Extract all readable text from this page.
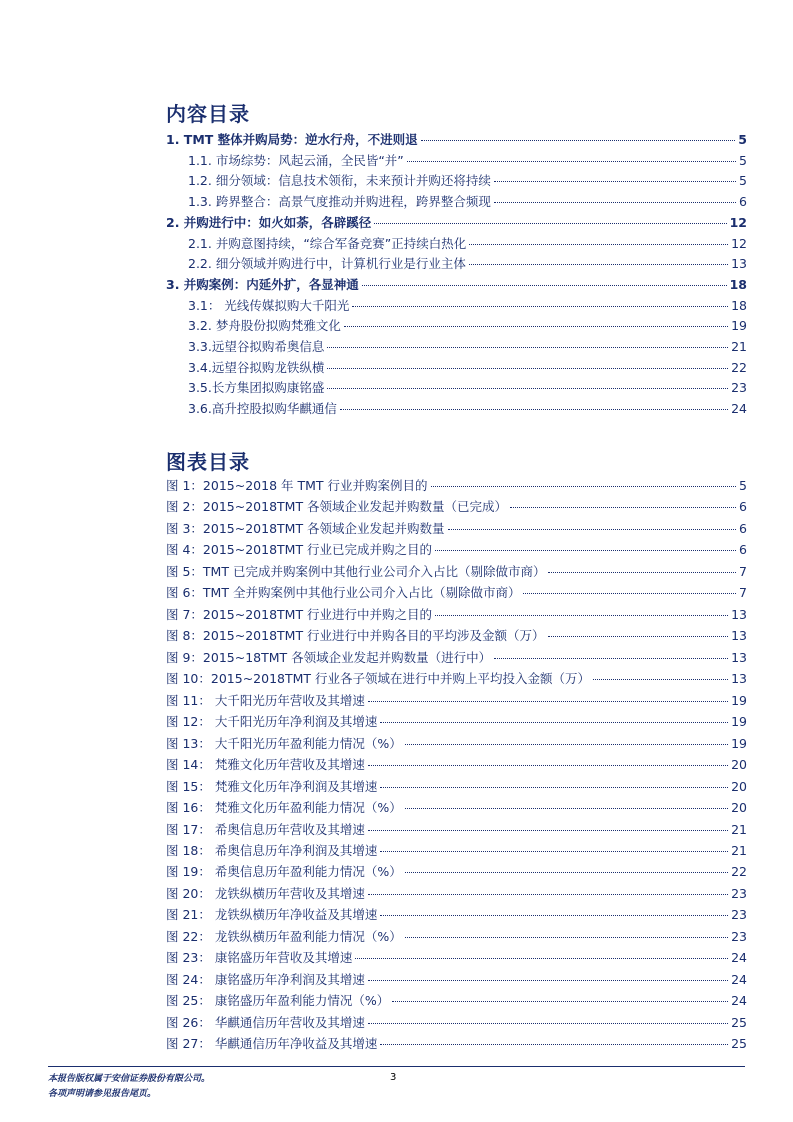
内容目录
1. TMT 整体并购局势：逆水行舟，不进则退	5
1.1. 市场综势：风起云涌，全民皆“并”	5
1.2. 细分领域：信息技术领衔，未来预计并购还将持续	5
1.3. 跨界整合：高景气度推动并购进程，跨界整合频现	6
2. 并购进行中：如火如荼，各辟蹊径	12
2.1. 并购意图持续，“综合军备竞赛”正持续白热化	12
2.2. 细分领域并购进行中，计算机行业是行业主体	13
3. 并购案例：内延外扩，各显神通	18
3.1： 光线传媒拟购大千阳光	18
3.2. 梦舟股份拟购梵雅文化	19
3.3.远望谷拟购希奥信息	21
3.4.远望谷拟购龙铁纵横	22
3.5.长方集团拟购康铭盛	23
3.6.高升控股拟购华麒通信	24
图表目录
图 1：2015~2018 年 TMT 行业并购案例目的	5
图 2：2015~2018TMT 各领域企业发起并购数量（已完成）	6
图 3：2015~2018TMT 各领域企业发起并购数量	6
图 4：2015~2018TMT 行业已完成并购之目的	6
图 5：TMT 已完成并购案例中其他行业公司介入占比（剔除做市商）	7
图 6：TMT 全并购案例中其他行业公司介入占比（剔除做市商）	7
图 7：2015~2018TMT 行业进行中并购之目的	13
图 8：2015~2018TMT 行业进行中并购各目的平均涉及金额（万）	13
图 9：2015~18TMT 各领域企业发起并购数量（进行中）	13
图 10：2015~2018TMT 行业各子领域在进行中并购上平均投入金额（万）	13
图 11： 大千阳光历年营收及其增速	19
图 12： 大千阳光历年净利润及其增速	19
图 13： 大千阳光历年盈利能力情况（%）	19
图 14： 梵雅文化历年营收及其增速	20
图 15： 梵雅文化历年净利润及其增速	20
图 16： 梵雅文化历年盈利能力情况（%）	20
图 17： 希奥信息历年营收及其增速	21
图 18： 希奥信息历年净利润及其增速	21
图 19： 希奥信息历年盈利能力情况（%）	22
图 20： 龙铁纵横历年营收及其增速	23
图 21： 龙铁纵横历年净收益及其增速	23
图 22： 龙铁纵横历年盈利能力情况（%）	23
图 23： 康铭盛历年营收及其增速	24
图 24： 康铭盛历年净利润及其增速	24
图 25： 康铭盛历年盈利能力情况（%）	24
图 26： 华麒通信历年营收及其增速	25
图 27： 华麒通信历年净收益及其增速	25
本报告版权属于安信证券股份有限公司。
各项声明请参见报告尾页。
3
